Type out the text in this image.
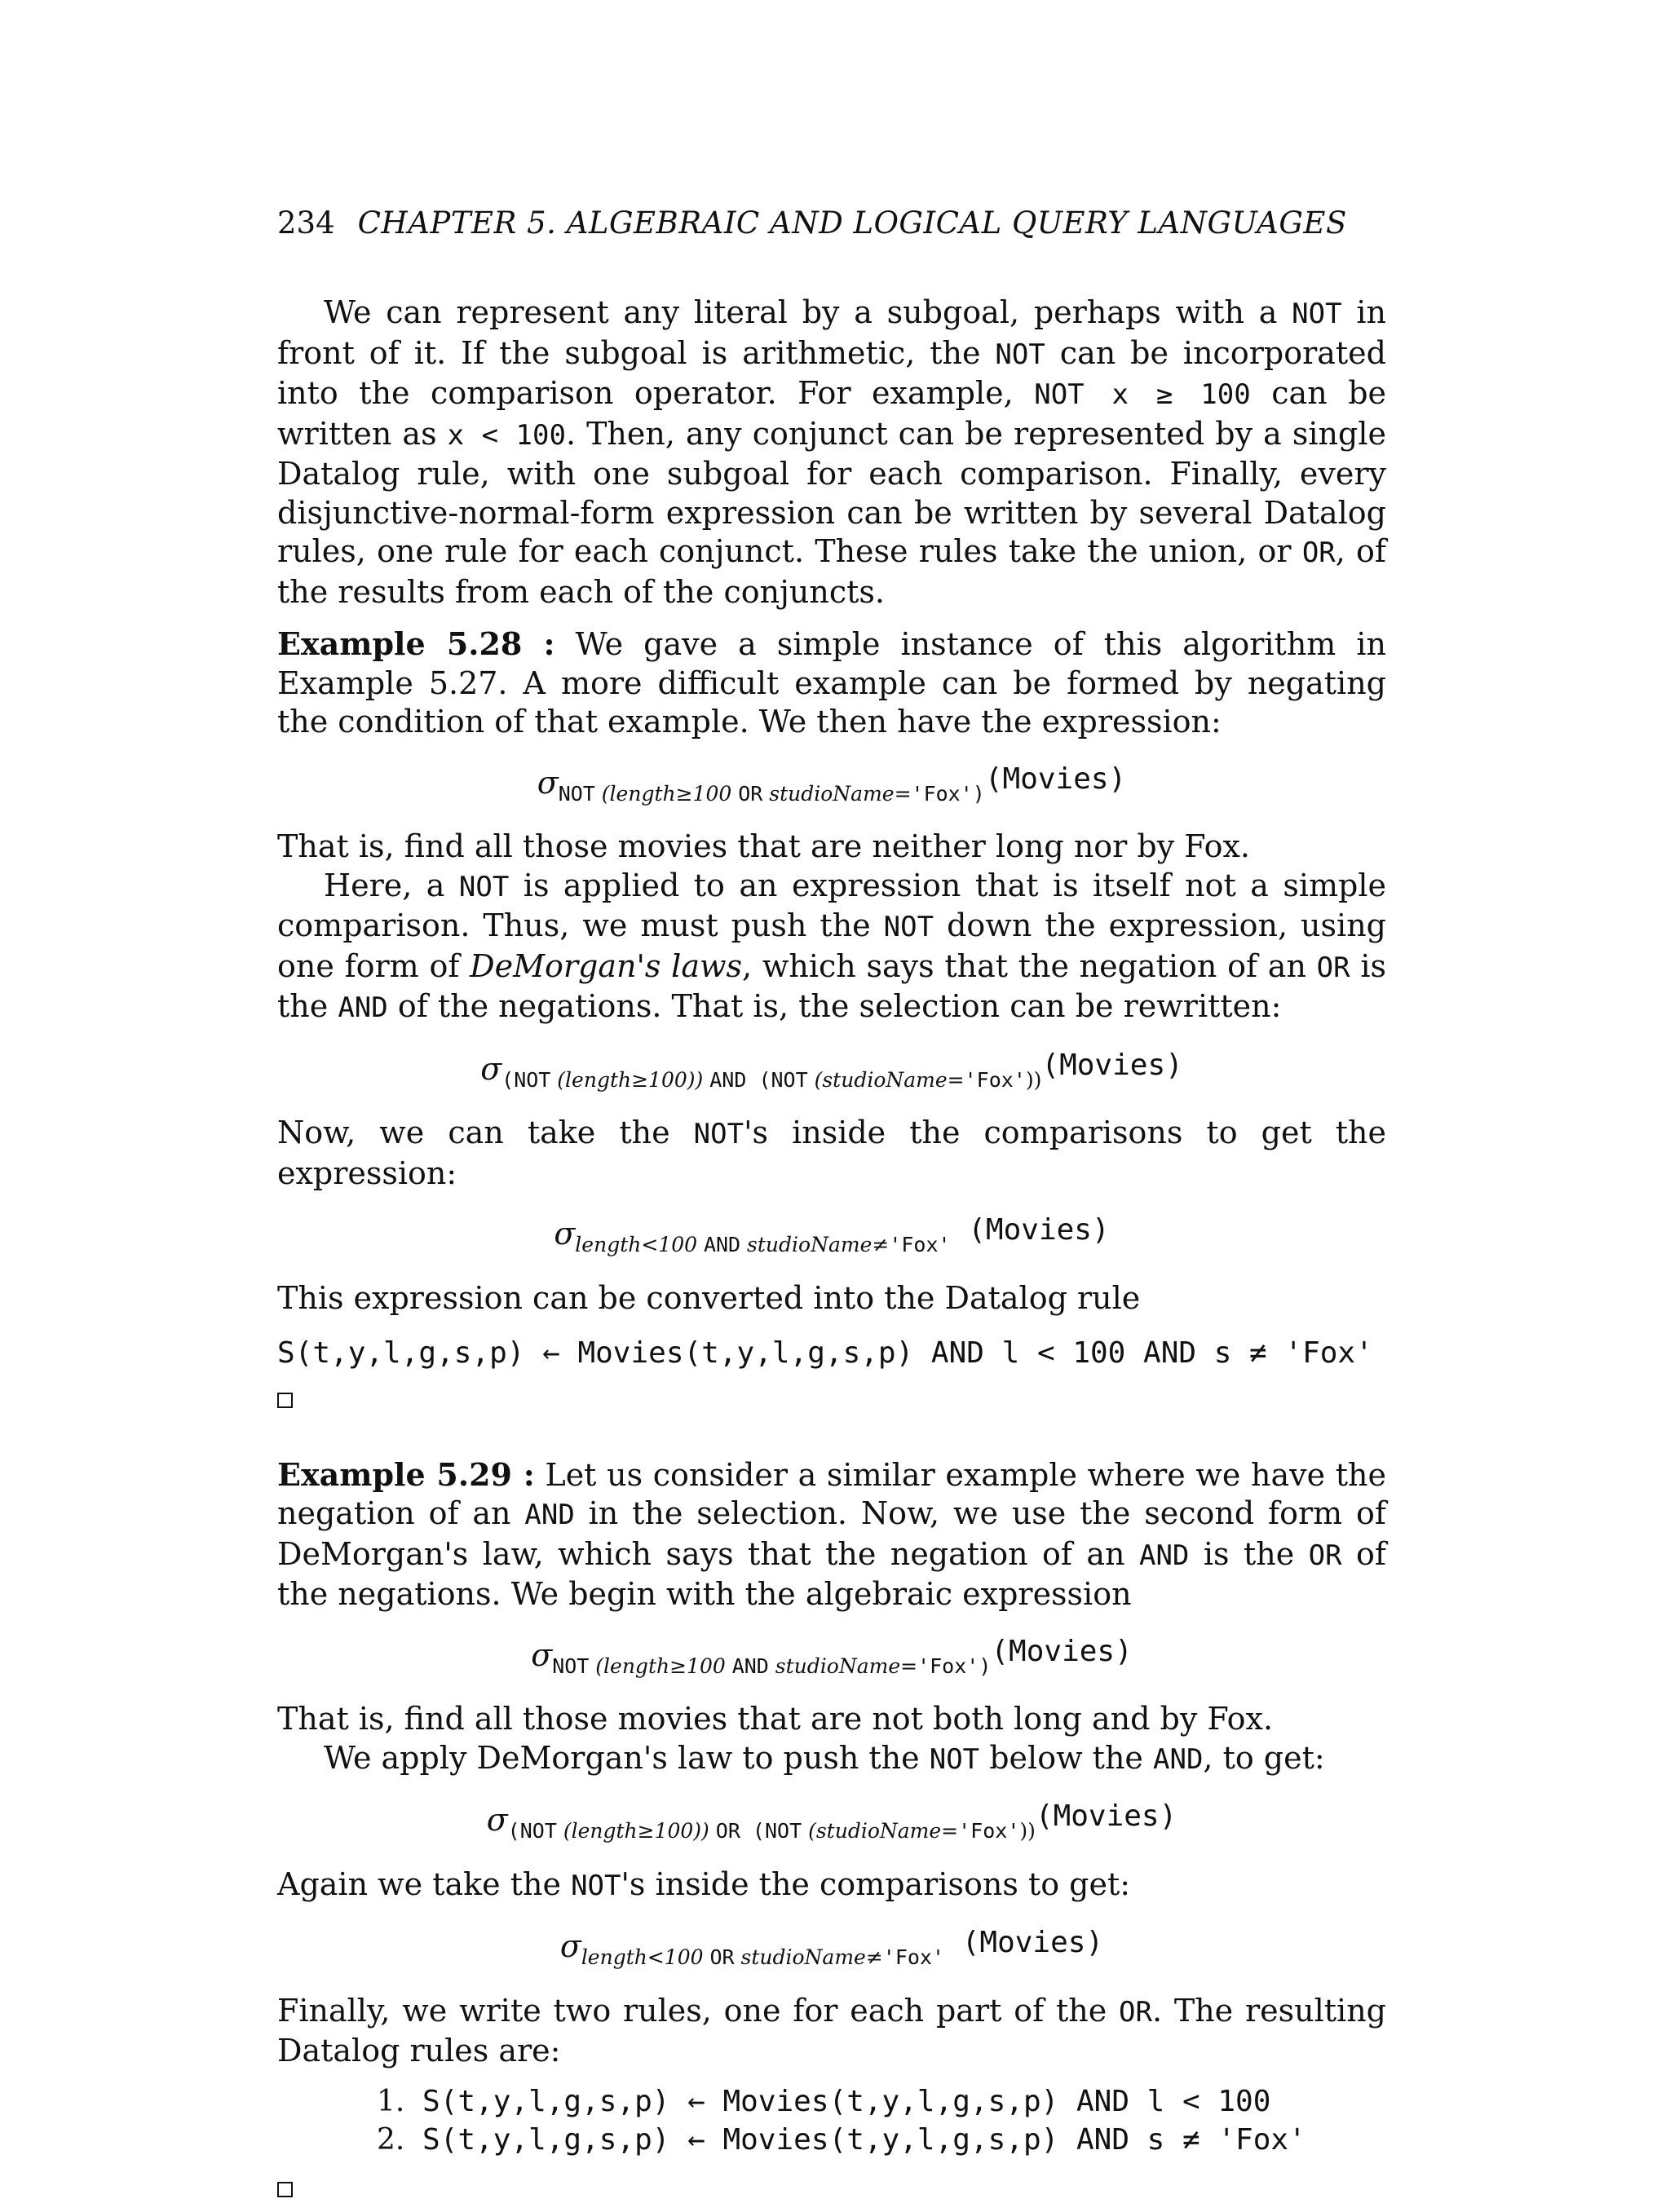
234 CHAPTER 5. ALGEBRAIC AND LOGICAL QUERY LANGUAGES

We can represent any literal by a subgoal, perhaps with a NOT in front of it. If the subgoal is arithmetic, the NOT can be incorporated into the comparison operator. For example, NOT x ≥ 100 can be written as x < 100. Then, any conjunct can be represented by a single Datalog rule, with one subgoal for each comparison. Finally, every disjunctive-normal-form expression can be written by several Datalog rules, one rule for each conjunct. These rules take the union, or OR, of the results from each of the conjuncts.

Example 5.28 : We gave a simple instance of this algorithm in Example 5.27. A more difficult example can be formed by negating the condition of that example. We then have the expression:

$\sigma_{NOT (length\ge 100 OR studioName='Fox')}(Movies)$

That is, find all those movies that are neither long nor by Fox.

Here, a NOT is applied to an expression that is itself not a simple comparison. Thus, we must push the NOT down the expression, using one form of DeMorgan's laws, which says that the negation of an OR is the AND of the negations. That is, the selection can be rewritten:

$\sigma_{(NOT (length\ge 100)) AND (NOT (studioName='Fox'))}(Movies)$

Now, we can take the NOT's inside the comparisons to get the expression:

$\sigma_{length<100 AND studioName\ne'Fox'}$ (Movies)

This expression can be converted into the Datalog rule

S(t,y,l,g,s,p) ← Movies(t,y,l,g,s,p) AND l < 100 AND s ≠ 'Fox'

Example 5.29 : Let us consider a similar example where we have the negation of an AND in the selection. Now, we use the second form of DeMorgan's law, which says that the negation of an AND is the OR of the negations. We begin with the algebraic expression

$\sigma_{NOT (length\ge 100 AND studioName='Fox')}(Movies)$

That is, find all those movies that are not both long and by Fox.

We apply DeMorgan's law to push the NOT below the AND, to get:

$\sigma_{(NOT (length\ge 100)) OR (NOT (studioName='Fox'))}(Movies)$

Again we take the NOT's inside the comparisons to get:

$\sigma_{length<100 OR studioName\ne'Fox'}$ (Movies)

Finally, we write two rules, one for each part of the OR. The resulting Datalog rules are:

1. S(t,y,l,g,s,p) ← Movies(t,y,l,g,s,p) AND l < 100
2. S(t,y,l,g,s,p) ← Movies(t,y,l,g,s,p) AND s ≠ 'Fox'
